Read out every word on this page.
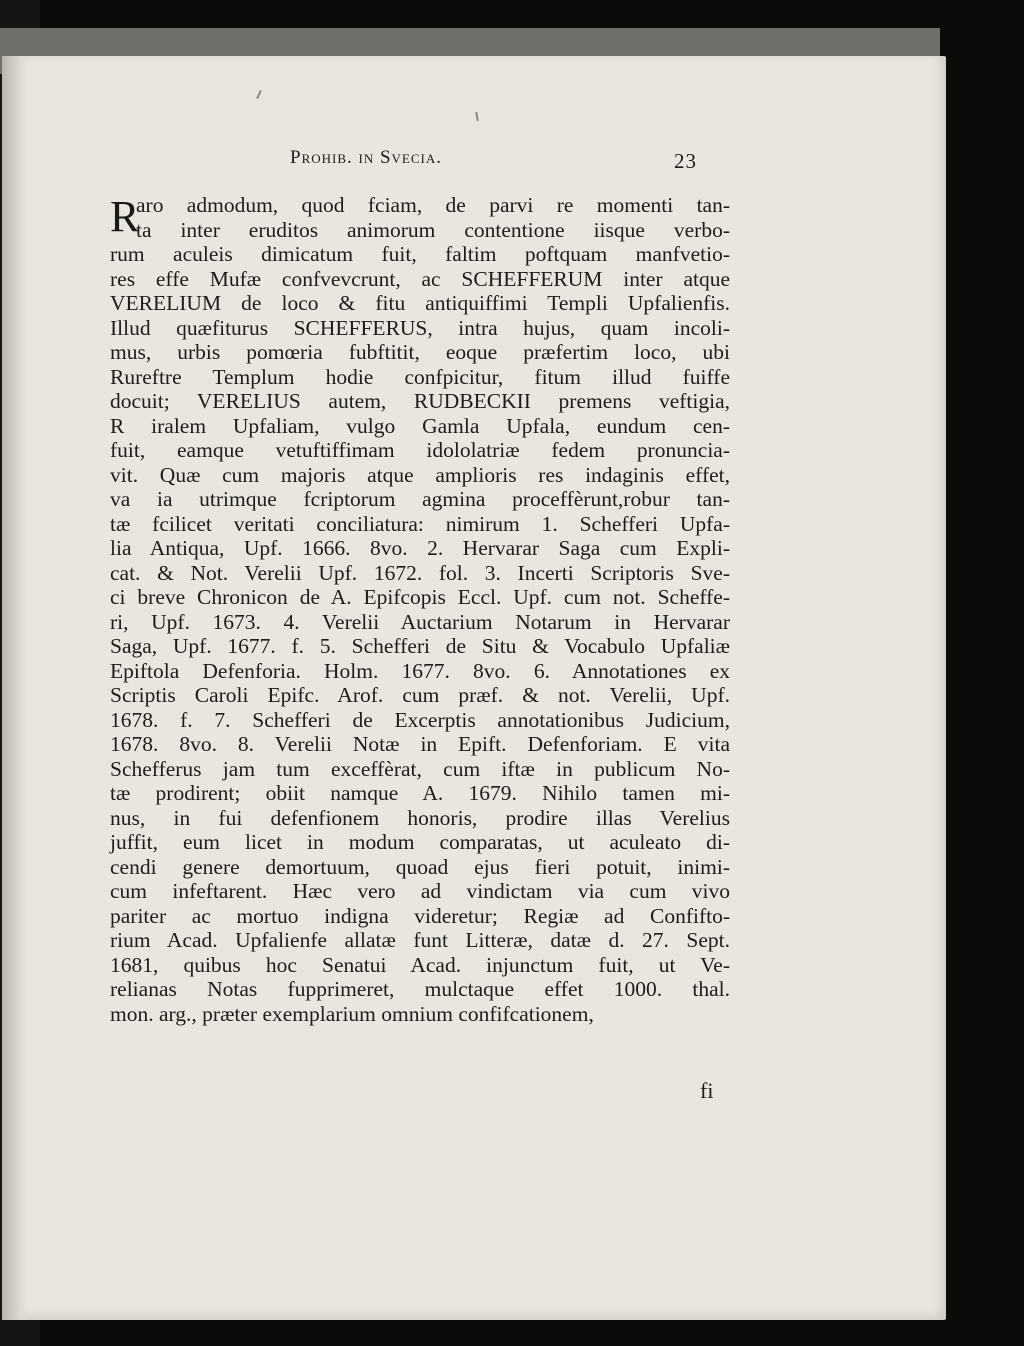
Prohib. in Svecia.	23
R
aro admodum, quod fciam, de parvi re momenti tan-
ta inter eruditos animorum contentione iisque verbo-
rum aculeis dimicatum fuit, faltim poftquam manfvetio-
res effe Mufæ confvevcrunt, ac SCHEFFERUM inter atque
VERELIUM de loco & fitu antiquiffimi Templi Upfalienfis.
Illud quæfiturus SCHEFFERUS, intra hujus, quam incoli-
mus, urbis pomœria fubftitit, eoque præfertim loco, ubi
Rureftre Templum hodie confpicitur, fitum illud fuiffe
docuit; VERELIUS autem, RUDBECKII premens veftigia,
R iralem Upfaliam, vulgo Gamla Upfala, eundum cen-
fuit, eamque vetuftiffimam idololatriæ fedem pronuncia-
vit. Quæ cum majoris atque amplioris res indaginis effet,
va ia utrimque fcriptorum agmina proceffèrunt,robur tan-
tæ fcilicet veritati conciliatura: nimirum 1. Schefferi Upfa-
lia Antiqua, Upf. 1666. 8vo. 2. Hervarar Saga cum Expli-
cat. & Not. Verelii Upf. 1672. fol. 3. Incerti Scriptoris Sve-
ci breve Chronicon de A. Epifcopis Eccl. Upf. cum not. Scheffe-
ri, Upf. 1673. 4. Verelii Auctarium Notarum in Hervarar
Saga, Upf. 1677. f. 5. Schefferi de Situ & Vocabulo Upfaliæ
Epiftola Defenforia. Holm. 1677. 8vo. 6. Annotationes ex
Scriptis Caroli Epifc. Arof. cum præf. & not. Verelii, Upf.
1678. f. 7. Schefferi de Excerptis annotationibus Judicium,
1678. 8vo. 8. Verelii Notæ in Epift. Defenforiam. E vita
Schefferus jam tum exceffèrat, cum iftæ in publicum No-
tæ prodirent; obiit namque A. 1679. Nihilo tamen mi-
nus, in fui defenfionem honoris, prodire illas Verelius
juffit, eum licet in modum comparatas, ut aculeato di-
cendi genere demortuum, quoad ejus fieri potuit, inimi-
cum infeftarent. Hæc vero ad vindictam via cum vivo
pariter ac mortuo indigna videretur; Regiæ ad Confifto-
rium Acad. Upfalienfe allatæ funt Litteræ, datæ d. 27. Sept.
1681, quibus hoc Senatui Acad. injunctum fuit, ut Ve-
relianas Notas fupprimeret, mulctaque effet 1000. thal.
mon. arg., præter exemplarium omnium confifcationem,
fi
